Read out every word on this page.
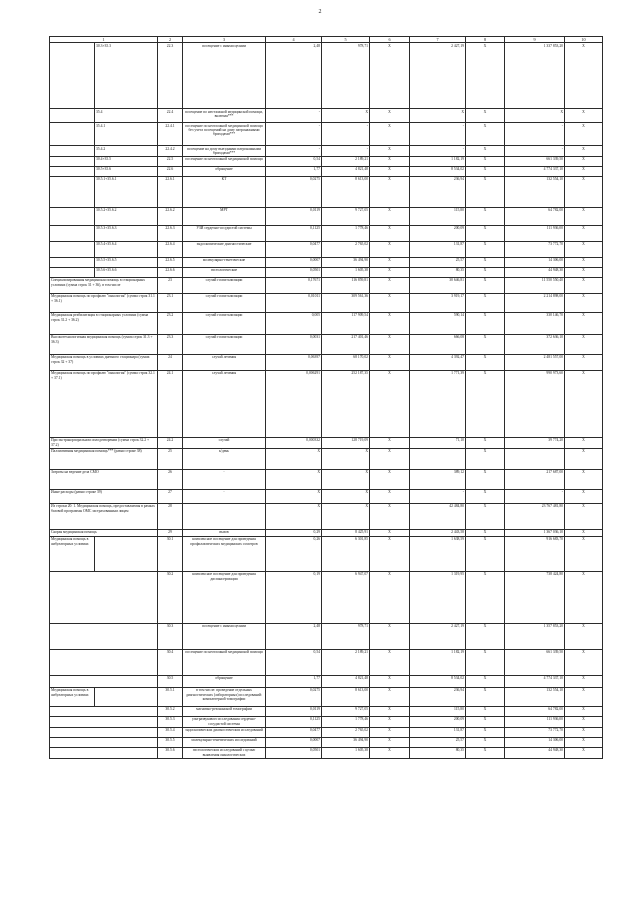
2
1		2	3	4	5	6	7	8	9	10
	30.3+35.3	22.3	посещение с иными целями	2,48	978,71	X	2 427,19	X	1 337 853,20	X
	35.4	22.4	посещение по неотложной медицинской помощи, включая***	-	X	X	X	X	X	X
	35.4.1	22.4.1	посещение по неотложной медицинской помощи без учета посещений на дому патронажными бригадами***	-	-	X	-	X	-	X
	35.4.2	22.4.2	посещение на дому выездными патронажными бригадами***	-	-	X	-	X	-	X
	30.4+35.5	22.5	посещение по неотложной медицинской помощи	0,54	2 189,21	X	1 182,19	X	661 339,50	X
	30.5+35.6	22.6	обращение	1,77	4 821,48	X	8 534,02	X	4 774 337,10	X
	30.5.1+35.6.1	22.6.1	КТ	0,0275	8 613,00	X	236,94	X	132 554,10	X
	30.5.2+35.6.2	22.6.2	МРТ	0,0119	9 727,05	X	115,80	X	64 782,00	X
	30.5.3+35.6.3	22.6.3	УЗИ сердечно-сосудистой системы	0,1125	1 778,46	X	200,09	X	111 936,00	X
	30.5.4+35.6.4	22.6.4	эндоскопические диагностические	0,0477	2 765,02	X	131,87	X	73 772,70	X
	30.5.5+35.6.5	22.6.5	молекулярно-генетические	0,0007	36 494,90	X	25,57	X	14 306,00	X
	30.5.6+35.6.6	22.6.6	гистологические	0,0501	1 605,38	X	80,35	X	44 948,30	X
Специализированная медицинская помощь в стационарных условиях (сумма строк 31 + 36), в том числе		23	случай госпитализации	0,17671	116 859,81	X	30 646,81	X	11 550 550,40	X
Медицинская помощь по профилю "онкология" (сумма строк 31.1 + 36.1)		23.1	случай госпитализации	0,01011	309 561,36	X	3 919,17	X	2 214 898,00	X
Медицинская реабилитация в стационарных условиях (сумма строк 31.2 + 36.2)		23.2	случай госпитализации	0,005	117 909,54	X	590,14	X	330 146,70	X
Высокотехнологичная медицинская помощь (сумма строк 31.3 + 36.3)		23.3	случай госпитализации	0,0031	217 401,46	X	666,08	X	372 636,10	X
Медицинская помощь в условиях дневного стационара (сумма строк 32 + 37)		24	случай лечения	0,06397	68 170,02	X	4 392,47	X	2 481 557,00	X
Медицинская помощь по профилю "онкология" (сумма строк 32.1 + 37.1)		24.1	случай лечения	0,006291	252 187,35	X	1 771,39	X	990 973,60	X
При экстракорпоральном оплодотворении (сумма строк 32.2 + 37.2)		24.2	случай	0,000332	128 719,09	X	71,10	X	39 774,20	X
Паллиативная медицинская помощь*** (равно строке 38)		25	к/день	X	X	X		X		X
Затраты на ведение дела СМО		26	-	X	X	X	389,12	X	217 687,00	X
Иные расходы (равно строке 39)		27	-	X	X	X	-	X	-	X
Из строки 20: 1. Медицинская помощь, предоставляемая в рамках базовой программы ОМС застрахованным лицам		28		X	X	X	42 484,80	X	23 767 481,80	X
Скорая медицинская помощь		29	вызов	0,29	8 425,91	X	2 443,58	X	1 367 036,10	X
Медицинская помощь в амбулаторных условиях		30.1	комплексное посещение для проведения профилактических медицинских осмотров	0,26	6 301,85	X	1 638,59	X	916 683,70	X
		30.2	комплексное посещение для проведения диспансеризации	0,19	6 947,07	X	1 319,95	X	738 424,80	X
		30.3	посещение с иными целями	2,48	978,71	X	2 427,19	X	1 357 853,20	X
		30.4	посещение по неотложной медицинской помощи	0,54	2 189,21	X	1 182,19	X	661 339,50	X
		30.5	обращение	1,77	4 821,48	X	8 534,02	X	4 774 337,10	X
Медицинская помощь в амбулаторных условиях		30.5.1	в том числе: проведение отдельных диагностических (лабораторных) исследований: компьютерной томографии	0,0275	8 613,00	X	236,94	X	132 554,10	X
		30.5.2	магнитно-резонансной томографии	0,0119	9 727,05	X	115,80	X	64 782,00	X
		30.5.3	ультразвукового исследования сердечно-сосудистой системы	0,1125	1 778,46	X	200,09	X	111 936,00	X
		30.5.4	эндоскопических диагностических исследований	0,0477	2 765,02	X	131,87	X	73 772,70	X
		30.5.5	молекулярно-генетических исследований	0,0007	36 494,90	X	25,57	X	14 306,00	X
		30.5.6	гистологических исследований с целью выявления онкологических	0,0501	1 605,38	X	80,35	X	44 948,30	X
